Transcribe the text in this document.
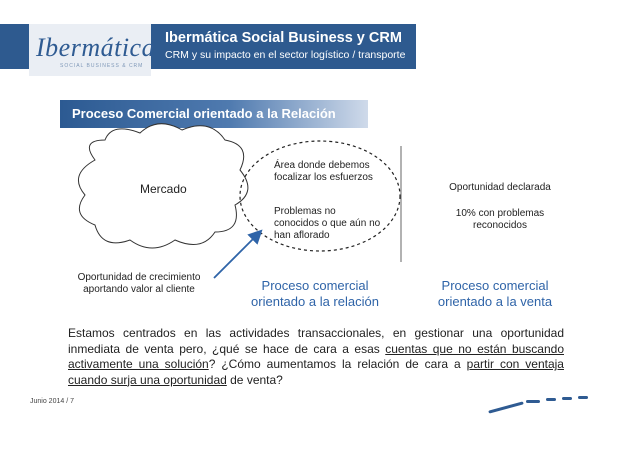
Ibermática
SOCIAL BUSINESS & CRM
Ibermática Social Business y CRM
CRM y su impacto en el sector logístico / transporte
Proceso Comercial orientado a la Relación
Mercado
Oportunidad de crecimiento
aportando valor al cliente
Área donde debemos
focalizar los esfuerzos
Problemas no
conocidos o que aún no
han aflorado
Oportunidad declarada
10% con problemas
reconocidos
Proceso comercial
orientado a la relación
Proceso comercial
orientado a la venta
Estamos centrados en las actividades transaccionales, en gestionar una oportunidad inmediata de venta pero, ¿qué se hace de cara a esas cuentas que no están buscando activamente una solución? ¿Cómo aumentamos la relación de cara a partir con ventaja cuando surja una oportunidad de venta?
Junio 2014 / 7
